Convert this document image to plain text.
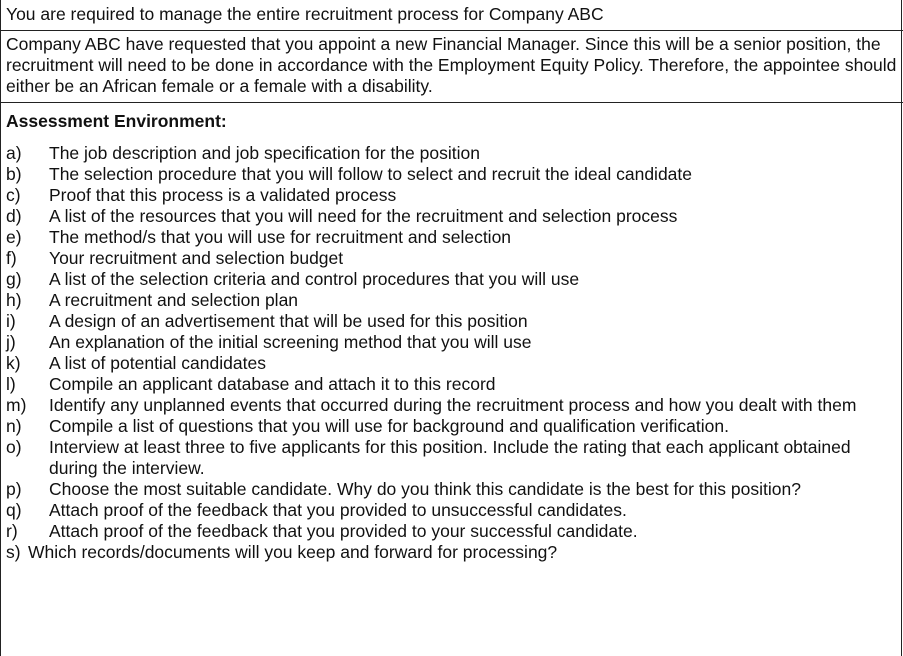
You are required to manage the entire recruitment process for Company ABC
Company ABC have requested that you appoint a new Financial Manager. Since this will be a senior position, the recruitment will need to be done in accordance with the Employment Equity Policy. Therefore, the appointee should either be an African female or a female with a disability.
Assessment Environment:
a)	The job description and job specification for the position
b)	The selection procedure that you will follow to select and recruit the ideal candidate
c)	Proof that this process is a validated process
d)	A list of the resources that you will need for the recruitment and selection process
e)	The method/s that you will use for recruitment and selection
f)	Your recruitment and selection budget
g)	A list of the selection criteria and control procedures that you will use
h)	A recruitment and selection plan
i)	A design of an advertisement that will be used for this position
j)	An explanation of the initial screening method that you will use
k)	A list of potential candidates
l)	Compile an applicant database and attach it to this record
m)	Identify any unplanned events that occurred during the recruitment process and how you dealt with them
n)	Compile a list of questions that you will use for background and qualification verification.
o)	Interview at least three to five applicants for this position. Include the rating that each applicant obtained during the interview.
p)	Choose the most suitable candidate. Why do you think this candidate is the best for this position?
q)	Attach proof of the feedback that you provided to unsuccessful candidates.
r)	Attach proof of the feedback that you provided to your successful candidate.
s) Which records/documents will you keep and forward for processing?
